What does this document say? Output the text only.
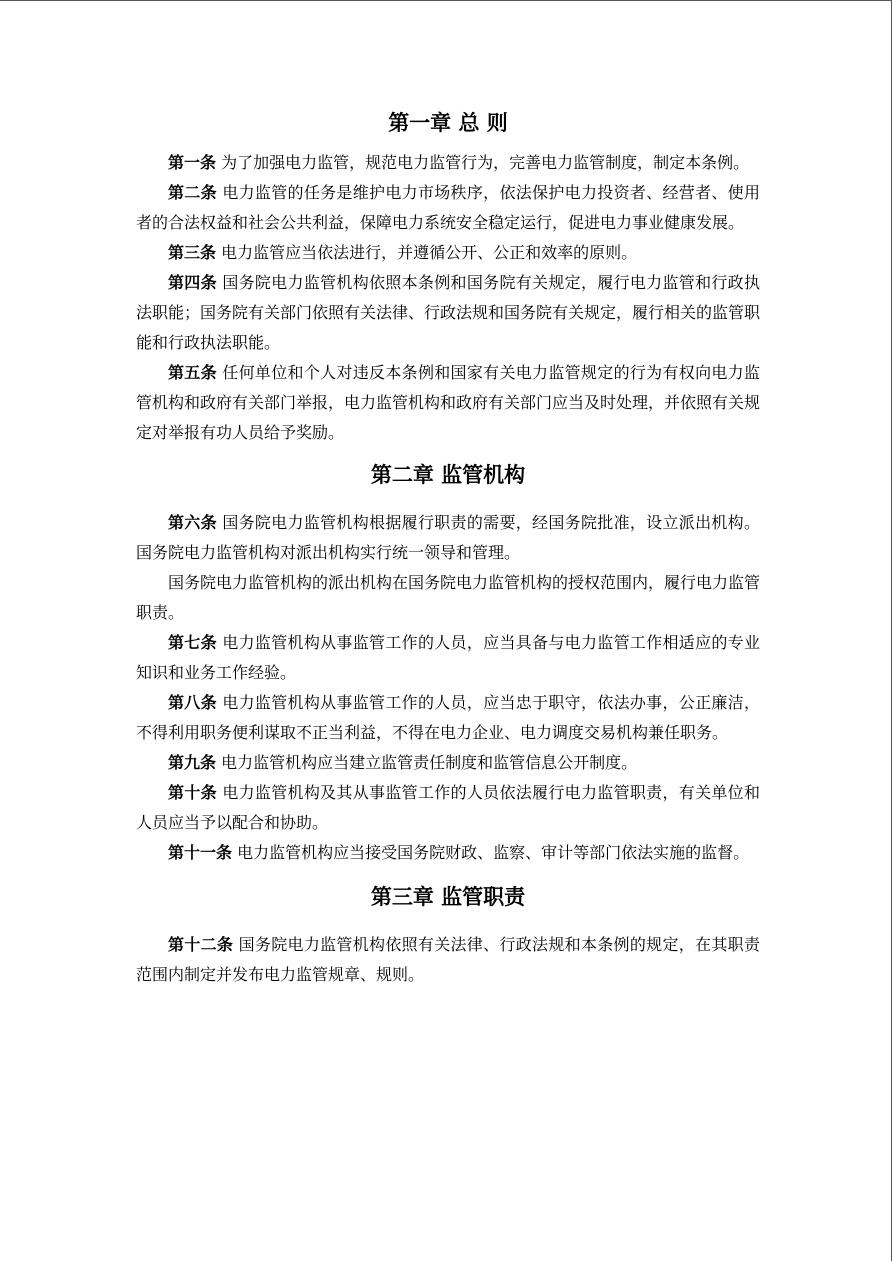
第一章 总 则

第一条 为了加强电力监管，规范电力监管行为，完善电力监管制度，制定本条例。

第二条 电力监管的任务是维护电力市场秩序，依法保护电力投资者、经营者、使用者的合法权益和社会公共利益，保障电力系统安全稳定运行，促进电力事业健康发展。

第三条 电力监管应当依法进行，并遵循公开、公正和效率的原则。

第四条 国务院电力监管机构依照本条例和国务院有关规定，履行电力监管和行政执法职能；国务院有关部门依照有关法律、行政法规和国务院有关规定，履行相关的监管职能和行政执法职能。

第五条 任何单位和个人对违反本条例和国家有关电力监管规定的行为有权向电力监管机构和政府有关部门举报，电力监管机构和政府有关部门应当及时处理，并依照有关规定对举报有功人员给予奖励。

第二章 监管机构

第六条 国务院电力监管机构根据履行职责的需要，经国务院批准，设立派出机构。国务院电力监管机构对派出机构实行统一领导和管理。

国务院电力监管机构的派出机构在国务院电力监管机构的授权范围内，履行电力监管职责。

第七条 电力监管机构从事监管工作的人员，应当具备与电力监管工作相适应的专业知识和业务工作经验。

第八条 电力监管机构从事监管工作的人员，应当忠于职守，依法办事，公正廉洁，不得利用职务便利谋取不正当利益，不得在电力企业、电力调度交易机构兼任职务。

第九条 电力监管机构应当建立监管责任制度和监管信息公开制度。

第十条 电力监管机构及其从事监管工作的人员依法履行电力监管职责，有关单位和人员应当予以配合和协助。

第十一条 电力监管机构应当接受国务院财政、监察、审计等部门依法实施的监督。

第三章 监管职责

第十二条 国务院电力监管机构依照有关法律、行政法规和本条例的规定，在其职责范围内制定并发布电力监管规章、规则。
